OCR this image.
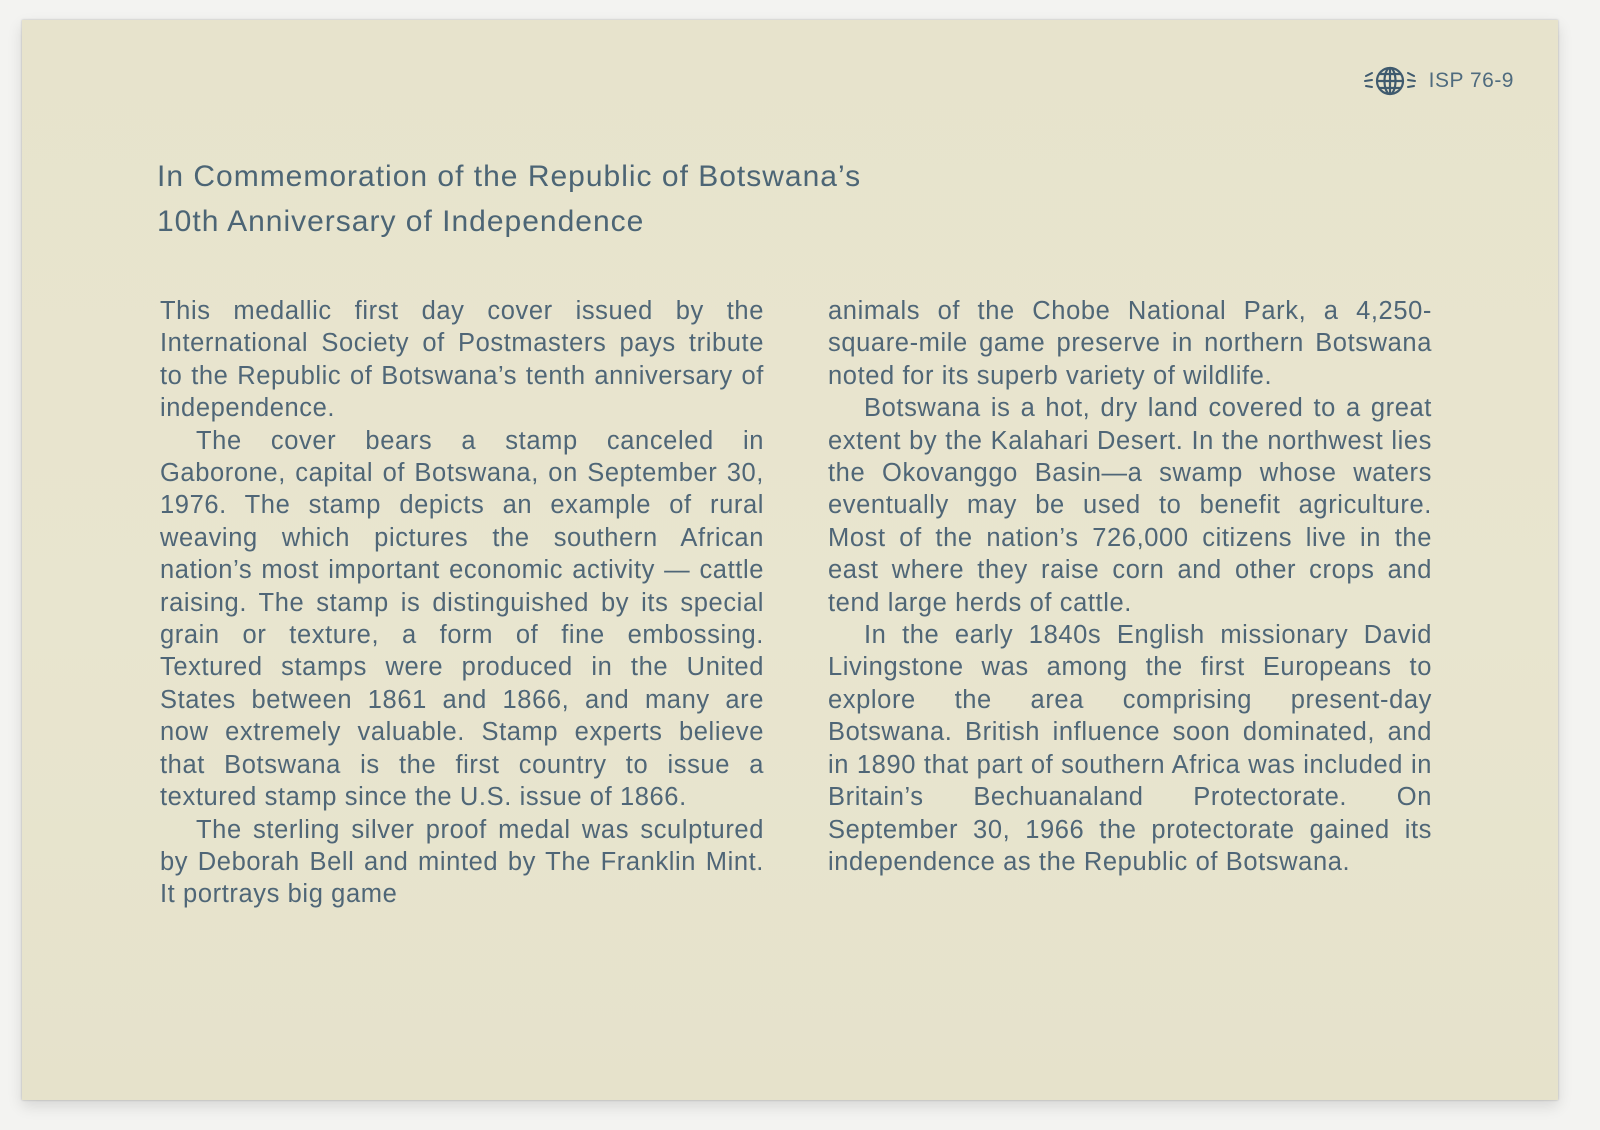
ISP 76-9
In Commemoration of the Republic of Botswana’s
10th Anniversary of Independence

This medallic first day cover issued by the International Society of Postmasters pays tribute to the Republic of Botswana’s tenth anniversary of independence.

The cover bears a stamp canceled in Gaborone, capital of Botswana, on September 30, 1976. The stamp depicts an example of rural weaving which pictures the southern African nation’s most important economic activity — cattle raising. The stamp is distinguished by its special grain or texture, a form of fine embossing. Textured stamps were produced in the United States between 1861 and 1866, and many are now extremely valuable. Stamp experts believe that Botswana is the first country to issue a textured stamp since the U.S. issue of 1866.

The sterling silver proof medal was sculptured by Deborah Bell and minted by The Franklin Mint. It portrays big game

animals of the Chobe National Park, a 4,250-square-mile game preserve in northern Botswana noted for its superb variety of wildlife.

Botswana is a hot, dry land covered to a great extent by the Kalahari Desert. In the northwest lies the Okovanggo Basin—a swamp whose waters eventually may be used to benefit agriculture. Most of the nation’s 726,000 citizens live in the east where they raise corn and other crops and tend large herds of cattle.

In the early 1840s English missionary David Livingstone was among the first Europeans to explore the area comprising present-day Botswana. British influence soon dominated, and in 1890 that part of southern Africa was included in Britain’s Bechuanaland Protectorate. On September 30, 1966 the protectorate gained its independence as the Republic of Botswana.
